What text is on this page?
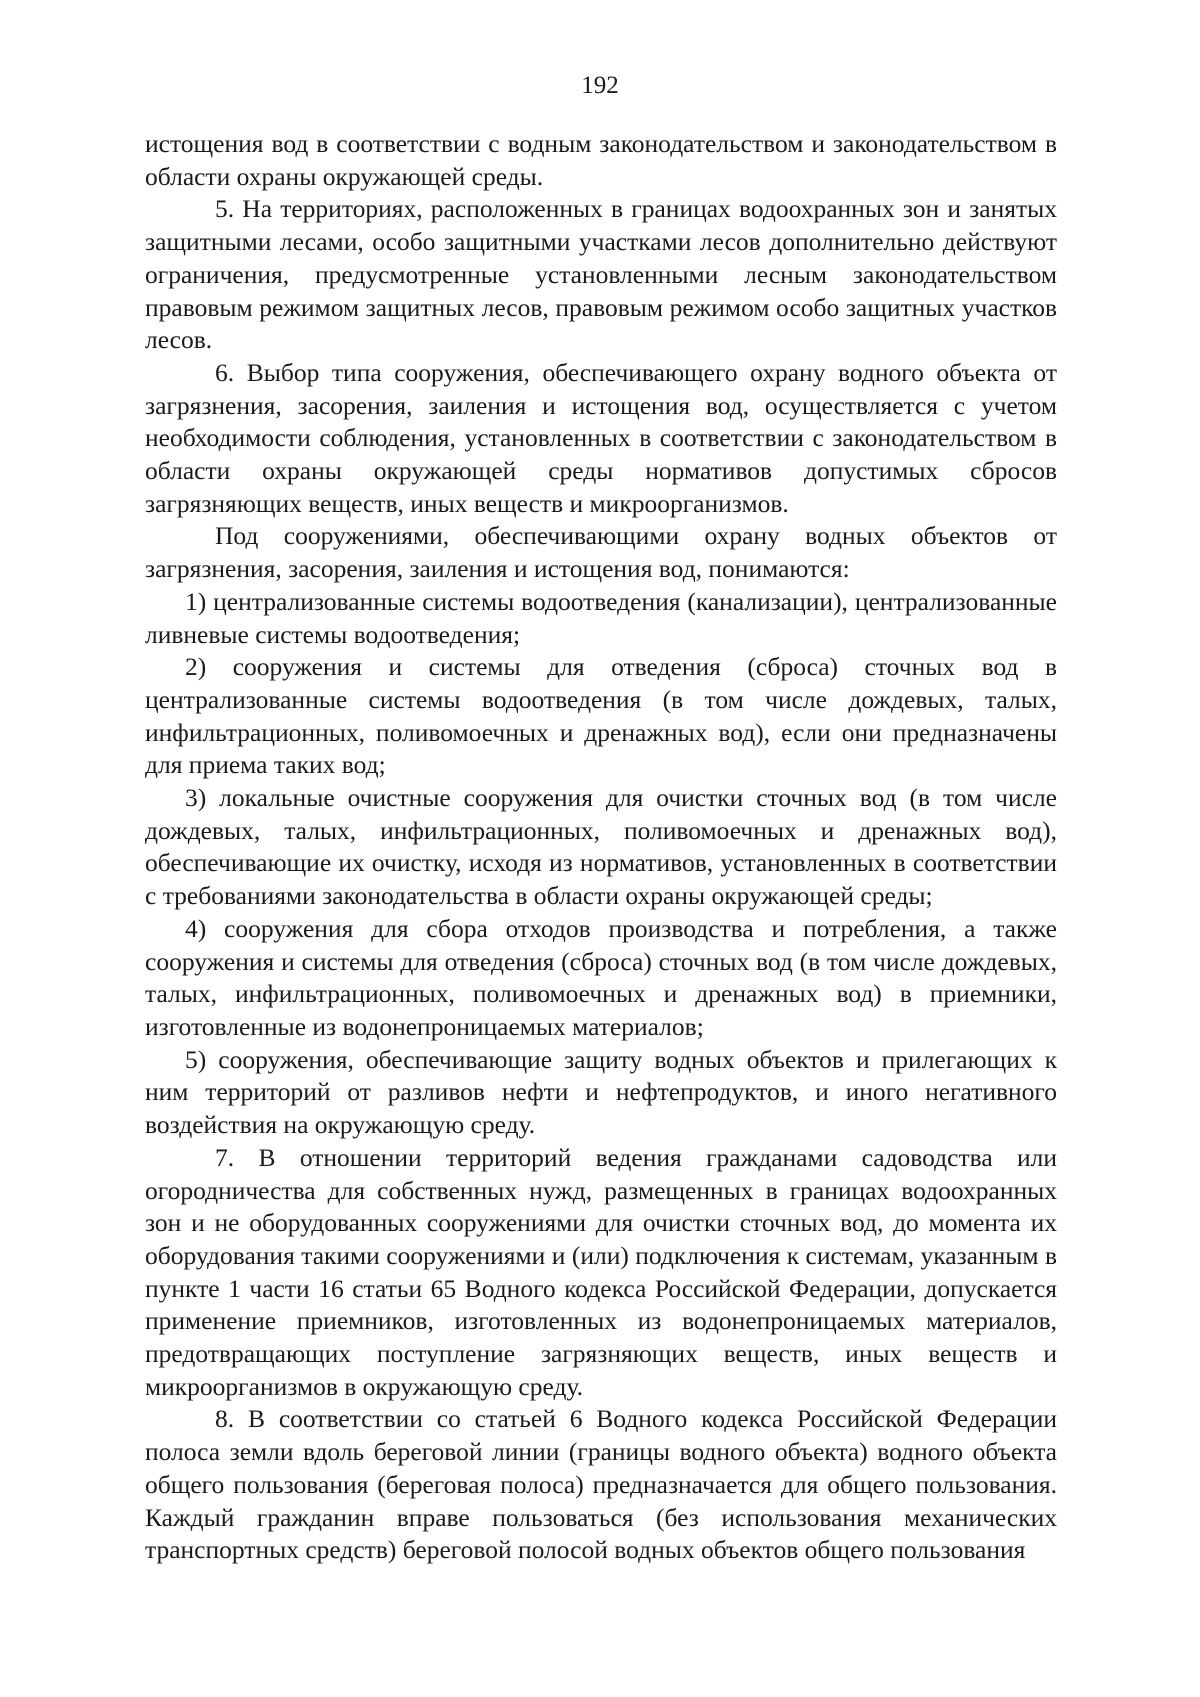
192

истощения вод в соответствии с водным законодательством и законодательством в области охраны окружающей среды.

5. На территориях, расположенных в границах водоохранных зон и занятых защитными лесами, особо защитными участками лесов дополнительно действуют ограничения, предусмотренные установленными лесным законодательством правовым режимом защитных лесов, правовым режимом особо защитных участков лесов.

6. Выбор типа сооружения, обеспечивающего охрану водного объекта от загрязнения, засорения, заиления и истощения вод, осуществляется с учетом необходимости соблюдения, установленных в соответствии с законодательством в области охраны окружающей среды нормативов допустимых сбросов загрязняющих веществ, иных веществ и микроорганизмов.

Под сооружениями, обеспечивающими охрану водных объектов от загрязнения, засорения, заиления и истощения вод, понимаются:

1) централизованные системы водоотведения (канализации), централизованные ливневые системы водоотведения;

2) сооружения и системы для отведения (сброса) сточных вод в централизованные системы водоотведения (в том числе дождевых, талых, инфильтрационных, поливомоечных и дренажных вод), если они предназначены для приема таких вод;

3) локальные очистные сооружения для очистки сточных вод (в том числе дождевых, талых, инфильтрационных, поливомоечных и дренажных вод), обеспечивающие их очистку, исходя из нормативов, установленных в соответствии с требованиями законодательства в области охраны окружающей среды;

4) сооружения для сбора отходов производства и потребления, а также сооружения и системы для отведения (сброса) сточных вод (в том числе дождевых, талых, инфильтрационных, поливомоечных и дренажных вод) в приемники, изготовленные из водонепроницаемых материалов;

5) сооружения, обеспечивающие защиту водных объектов и прилегающих к ним территорий от разливов нефти и нефтепродуктов, и иного негативного воздействия на окружающую среду.

7. В отношении территорий ведения гражданами садоводства или огородничества для собственных нужд, размещенных в границах водоохранных зон и не оборудованных сооружениями для очистки сточных вод, до момента их оборудования такими сооружениями и (или) подключения к системам, указанным в пункте 1 части 16 статьи 65 Водного кодекса Российской Федерации, допускается применение приемников, изготовленных из водонепроницаемых материалов, предотвращающих поступление загрязняющих веществ, иных веществ и микроорганизмов в окружающую среду.

8. В соответствии со статьей 6 Водного кодекса Российской Федерации полоса земли вдоль береговой линии (границы водного объекта) водного объекта общего пользования (береговая полоса) предназначается для общего пользования. Каждый гражданин вправе пользоваться (без использования механических транспортных средств) береговой полосой водных объектов общего пользования
